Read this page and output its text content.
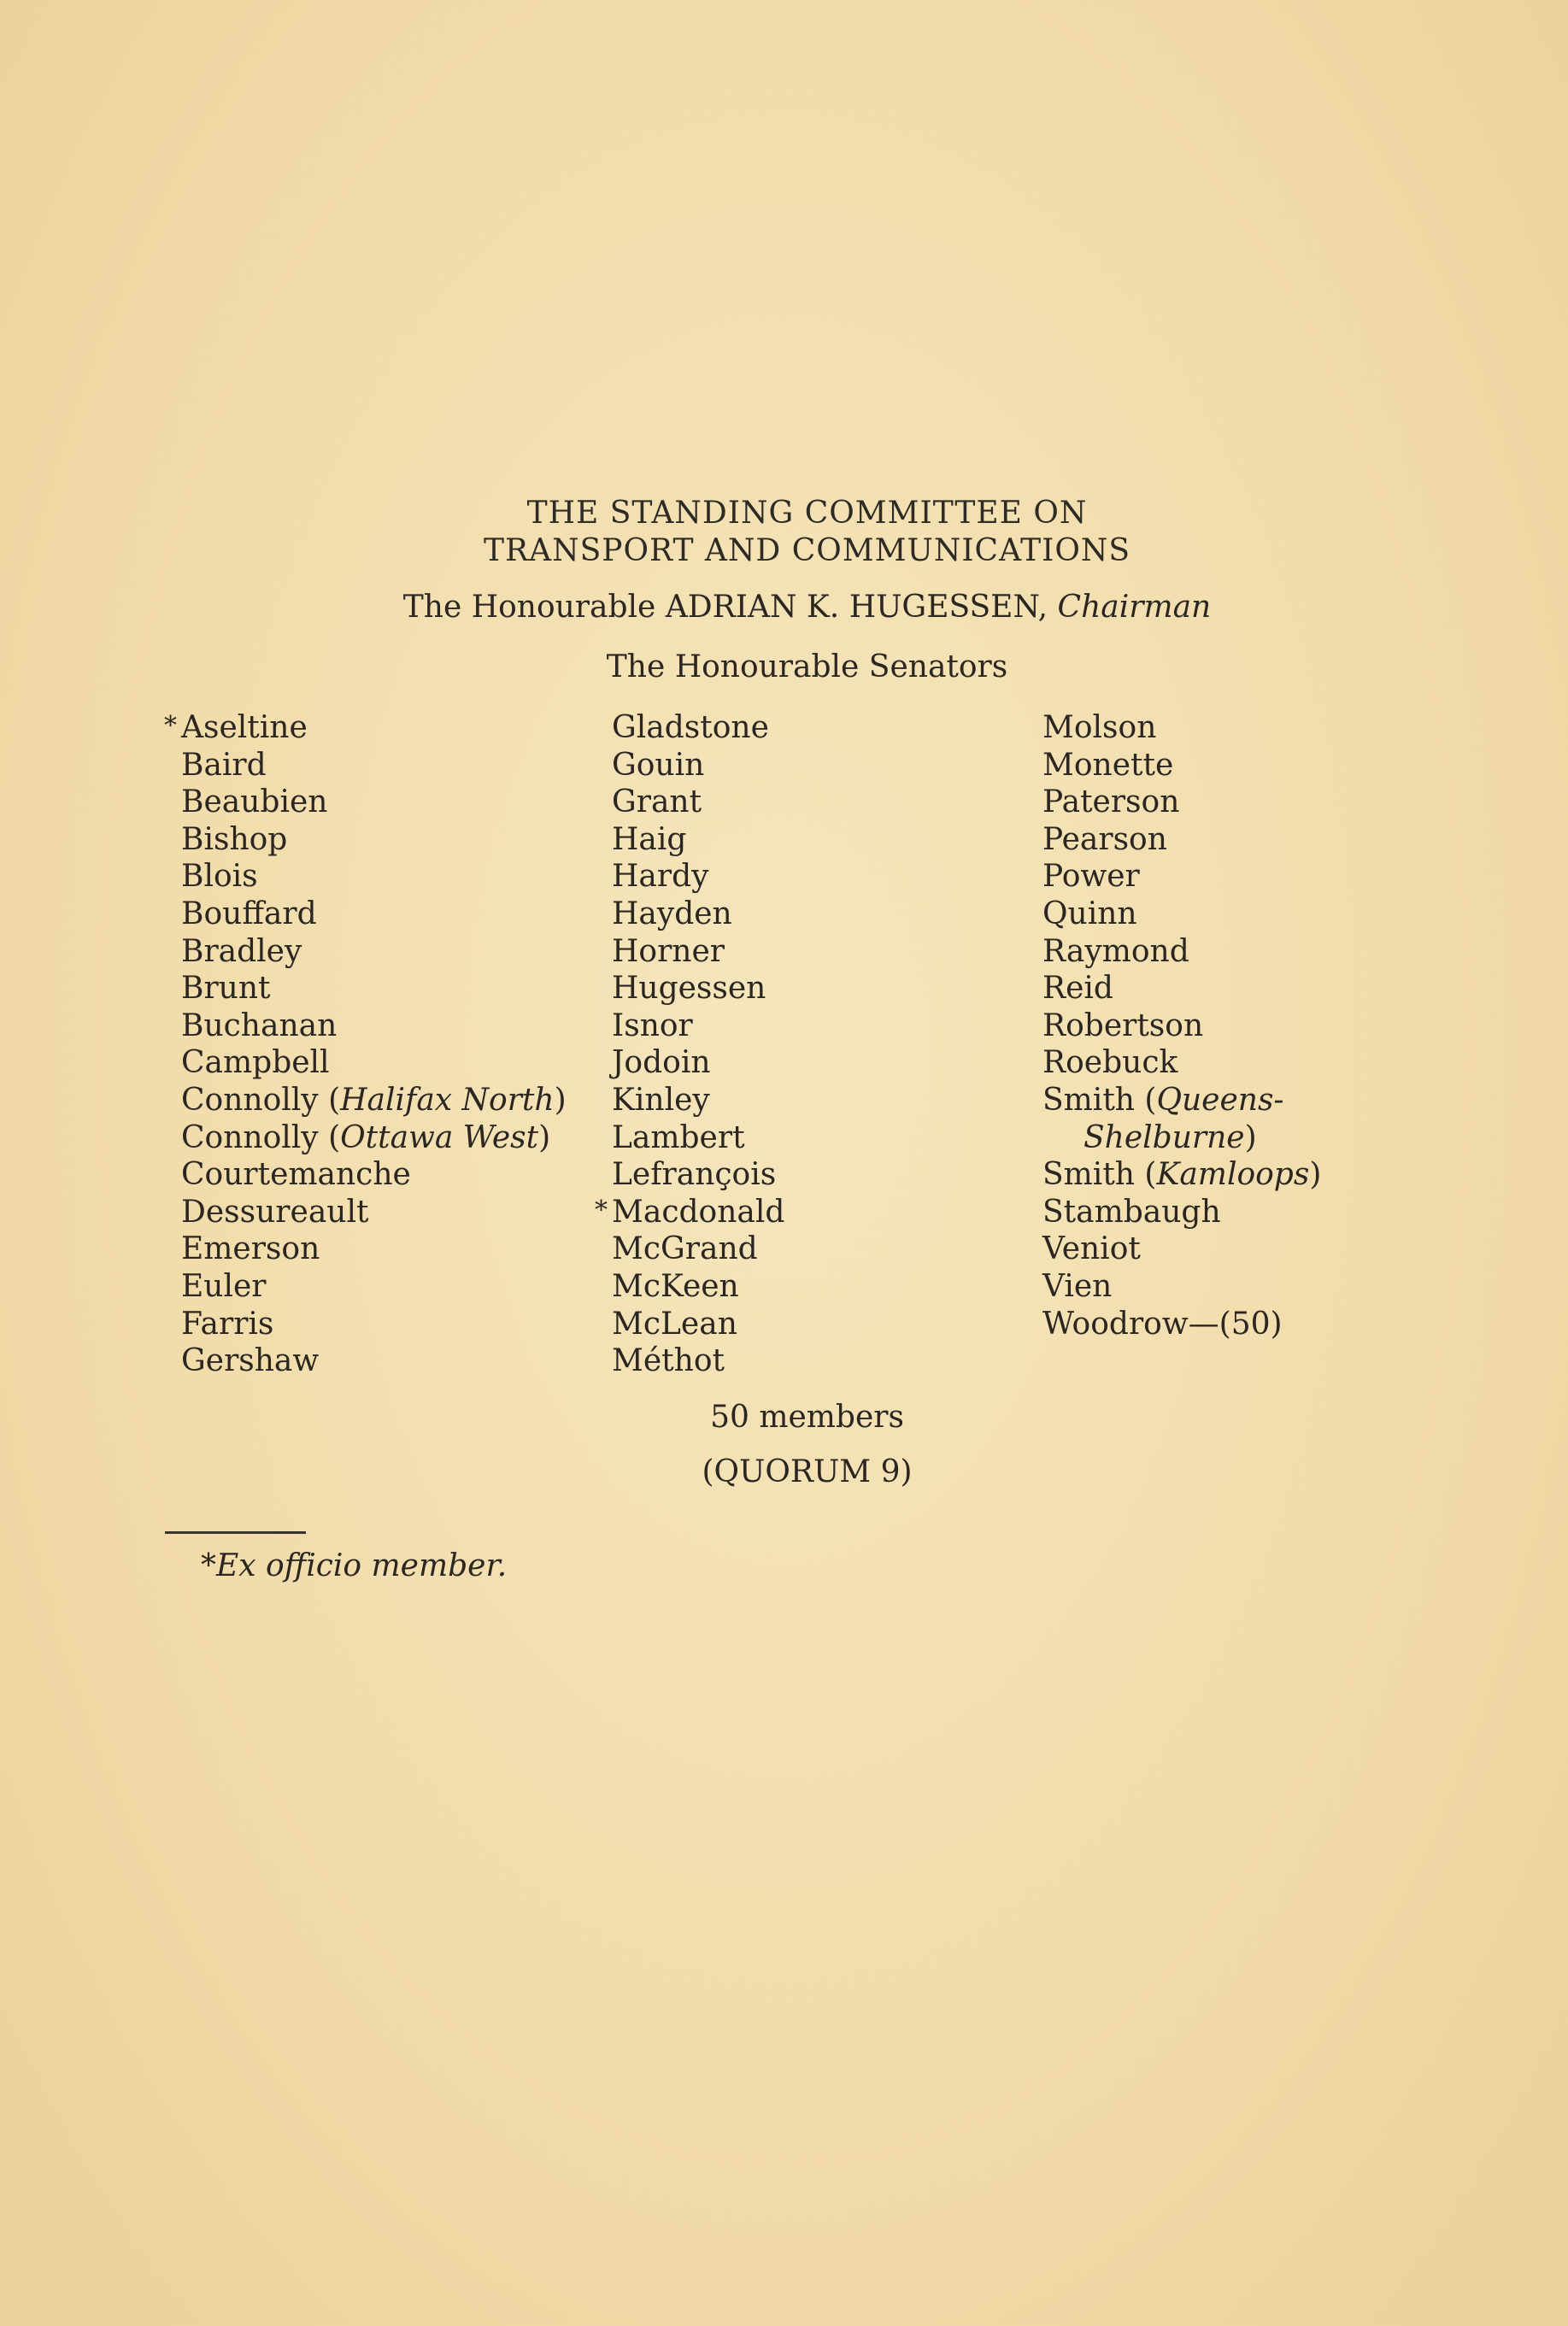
THE STANDING COMMITTEE ON
TRANSPORT AND COMMUNICATIONS
The Honourable ADRIAN K. HUGESSEN, Chairman
The Honourable Senators
* Aseltine
Baird
Beaubien
Bishop
Blois
Bouffard
Bradley
Brunt
Buchanan
Campbell
Connolly (Halifax North)
Connolly (Ottawa West)
Courtemanche
Dessureault
Emerson
Euler
Farris
Gershaw
Gladstone
Gouin
Grant
Haig
Hardy
Hayden
Horner
Hugessen
Isnor
Jodoin
Kinley
Lambert
Lefrançois
* Macdonald
McGrand
McKeen
McLean
Méthot
Molson
Monette
Paterson
Pearson
Power
Quinn
Raymond
Reid
Robertson
Roebuck
Smith (Queens-
Shelburne)
Smith (Kamloops)
Stambaugh
Veniot
Vien
Woodrow—(50)
50 members
(QUORUM 9)
*Ex officio member.
